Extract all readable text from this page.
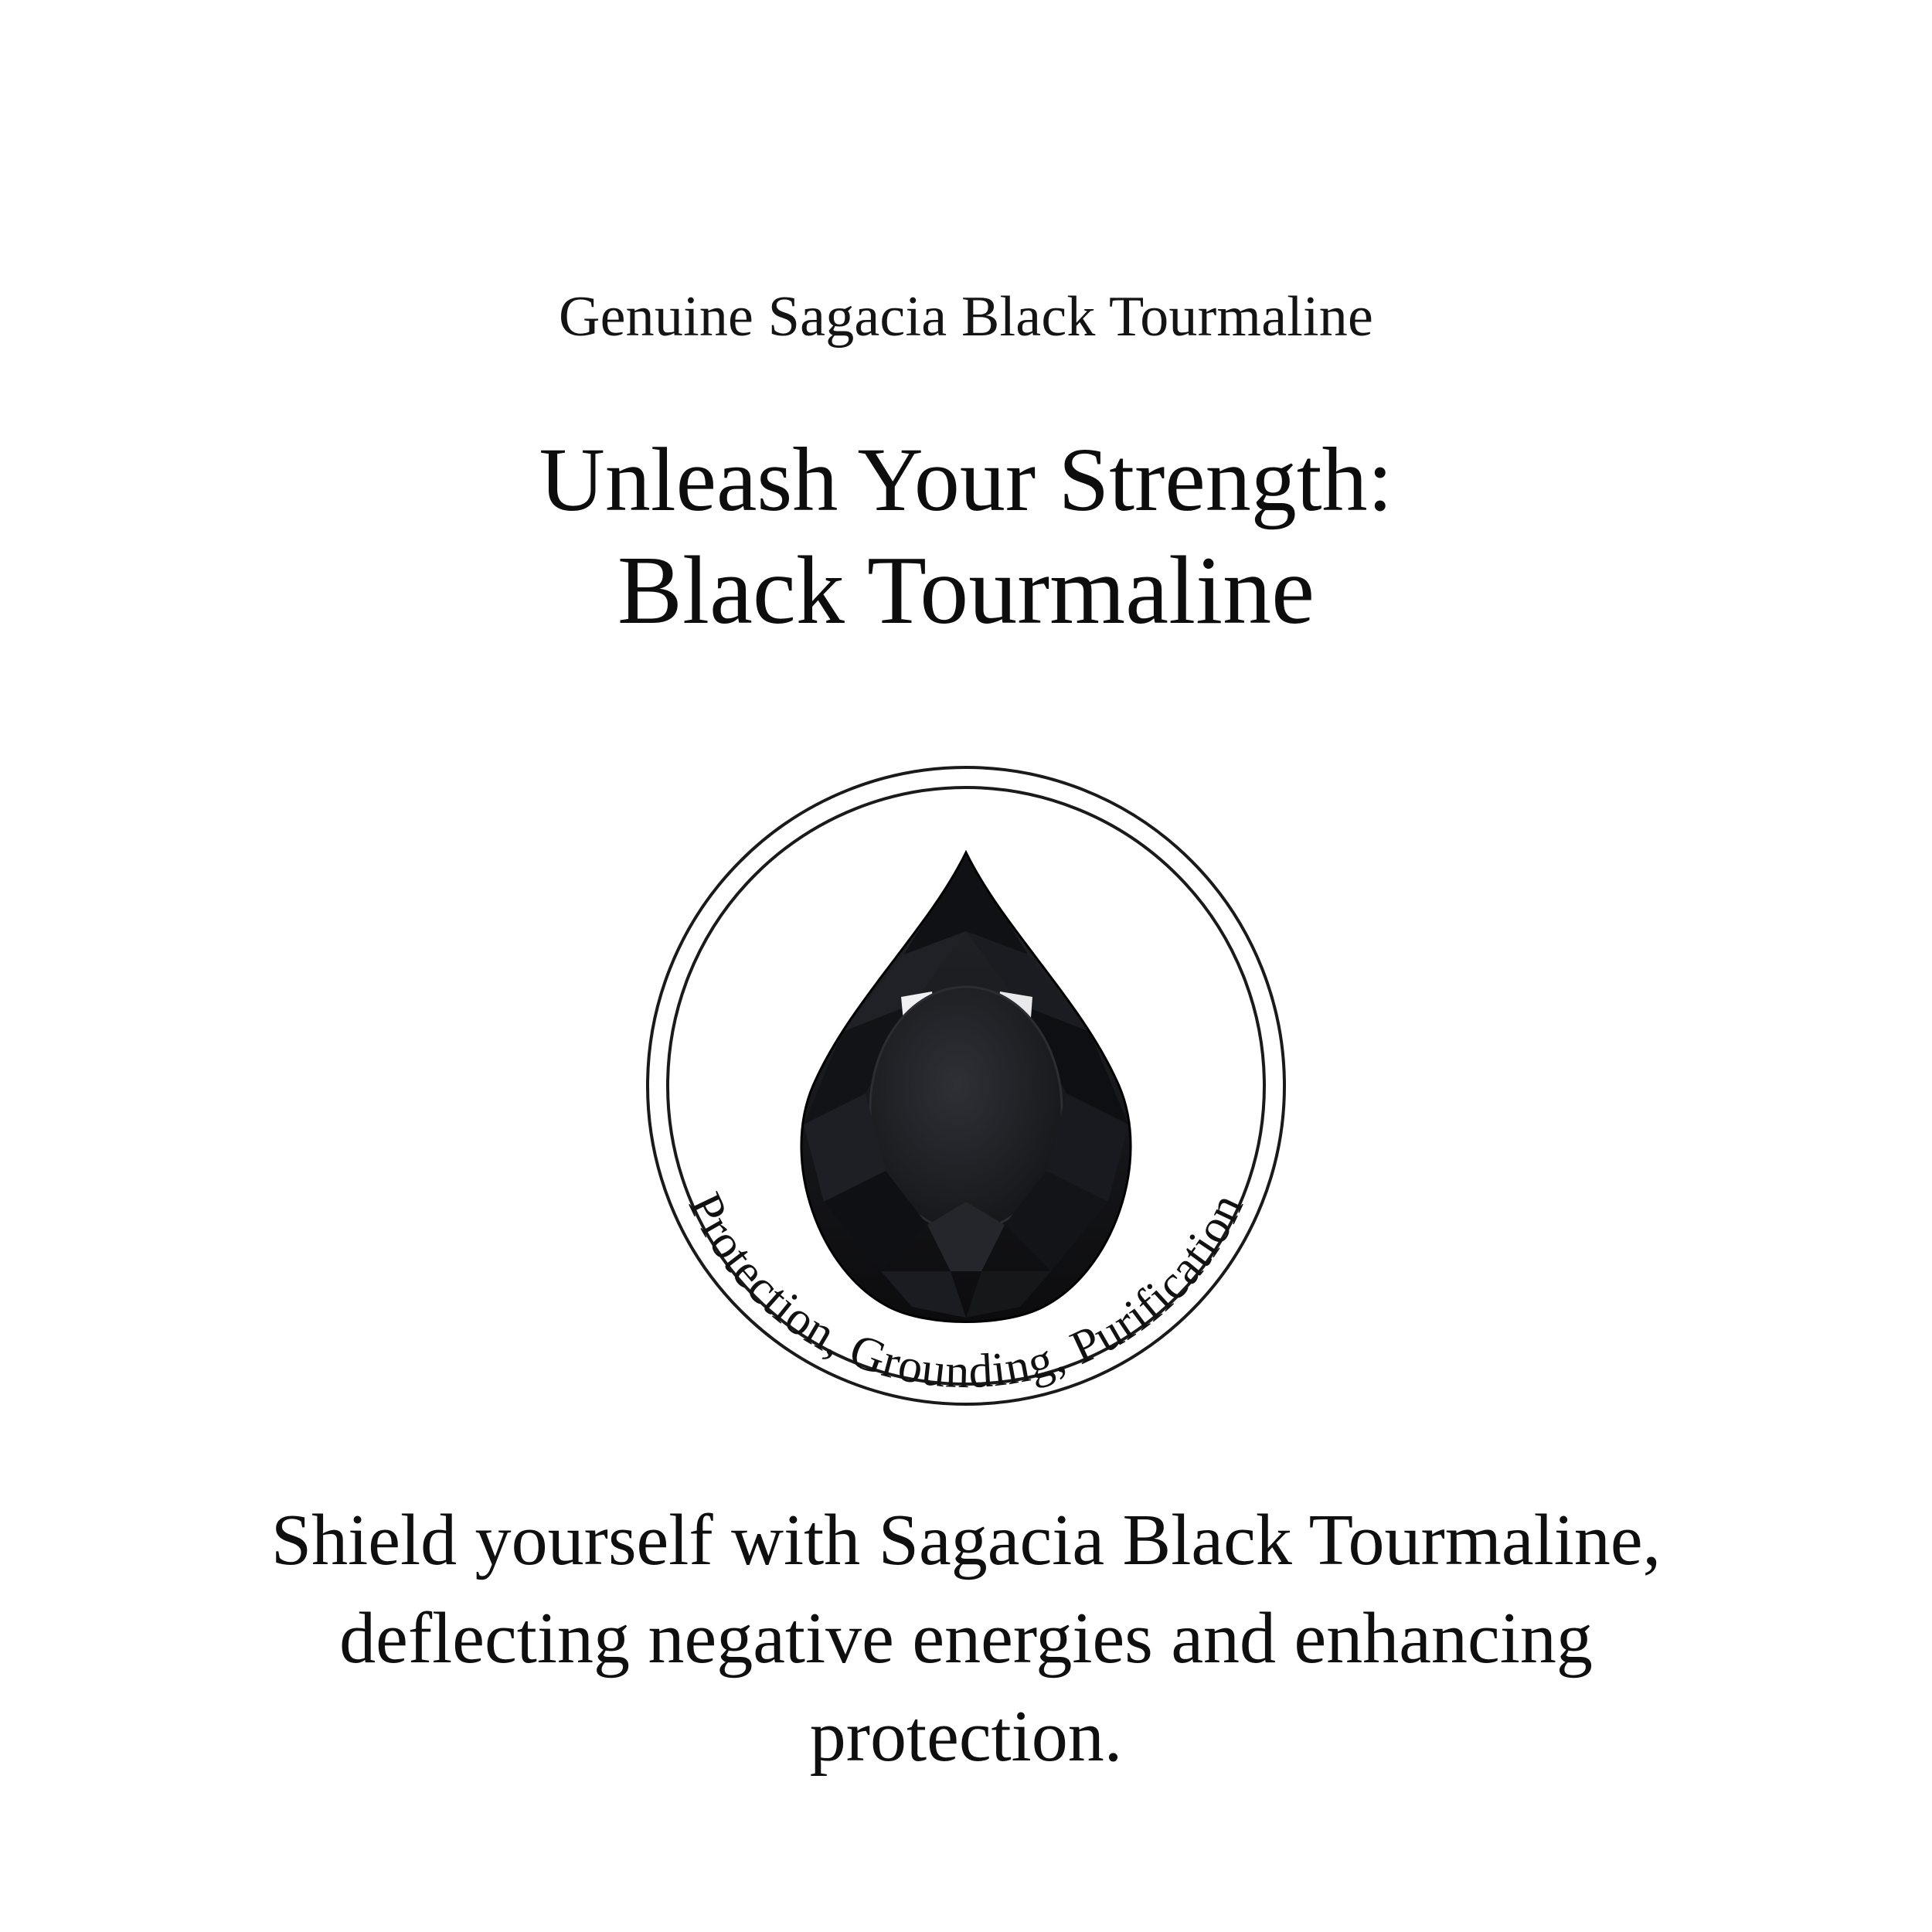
Genuine Sagacia Black Tourmaline
Unleash Your Strength:
Black Tourmaline
Protection, Grounding, Purification
Shield yourself with Sagacia Black Tourmaline, deflecting negative energies and enhancing protection.
